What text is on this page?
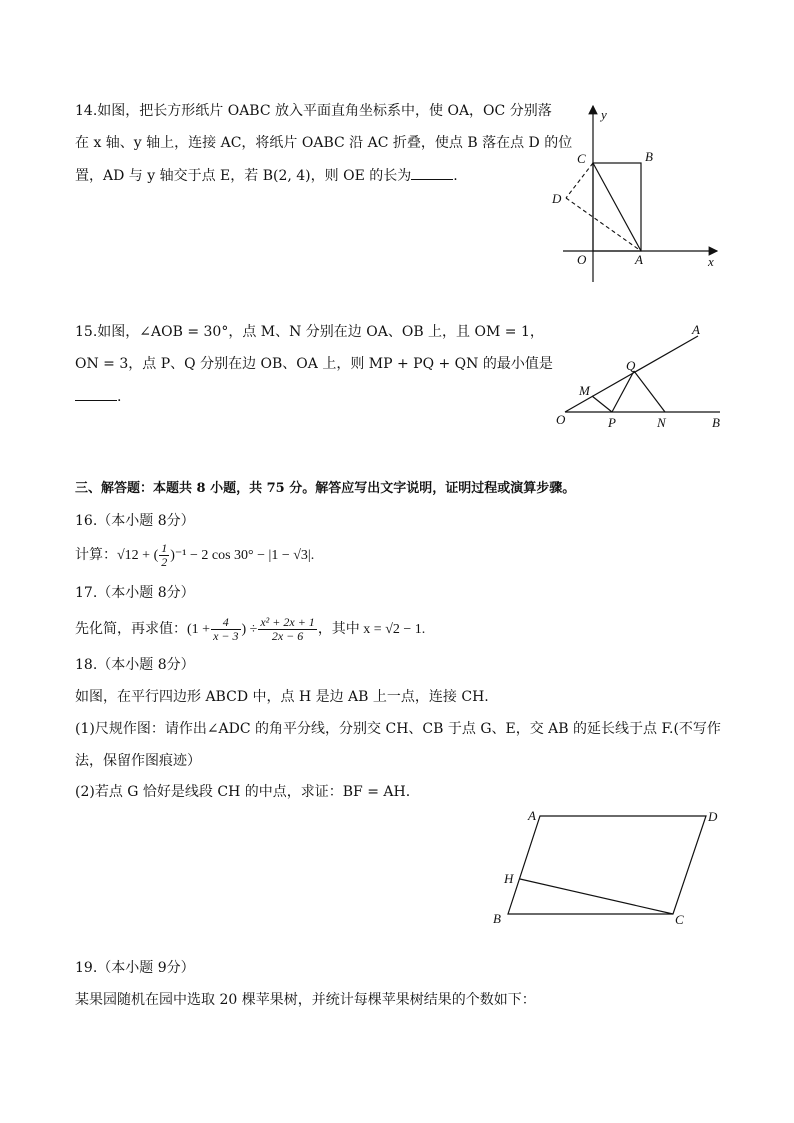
14.如图，把长方形纸片 OABC 放入平面直角坐标系中，使 OA，OC 分别落
在 x 轴、y 轴上，连接 AC，将纸片 OABC 沿 AC 折叠，使点 B 落在点 D 的位
置，AD 与 y 轴交于点 E，若 B(2, 4)，则 OE 的长为	.
y
x
C	B
D
O	A
15.如图，∠AOB = 30°，点 M、N 分别在边 OA、OB 上，且 OM = 1，
ON = 3，点 P、Q 分别在边 OB、OA 上，则 MP + PQ + QN 的最小值是
.
A
Q
M
O	P	N	B
三、解答题：本题共 8 小题，共 75 分。解答应写出文字说明，证明过程或演算步骤。
16.（本小题 8分）
计算：√12 + ( $\frac{1}{2} )^{-1} - 2$ cos 30° − |1 − √3|.
17.（本小题 8分）
先化简，再求值：($1 + \frac{4}{x - 3}$ ) ÷ $\frac{\text{x² + 2x + 1}}{2x - 6}$ ，其中 x = √2 − 1.
18.（本小题 8分）
如图，在平行四边形 ABCD 中，点 H 是边 AB 上一点，连接 CH.
(1)尺规作图：请作出∠ADC 的角平分线，分别交 CH、CB 于点 G、E，交 AB 的延长线于点 F.(不写作
法，保留作图痕迹）
(2)若点 G 恰好是线段 CH 的中点，求证：BF = AH.
A	D
H
B	C
19.（本小题 9分）
某果园随机在园中选取 20 棵苹果树，并统计每棵苹果树结果的个数如下：
